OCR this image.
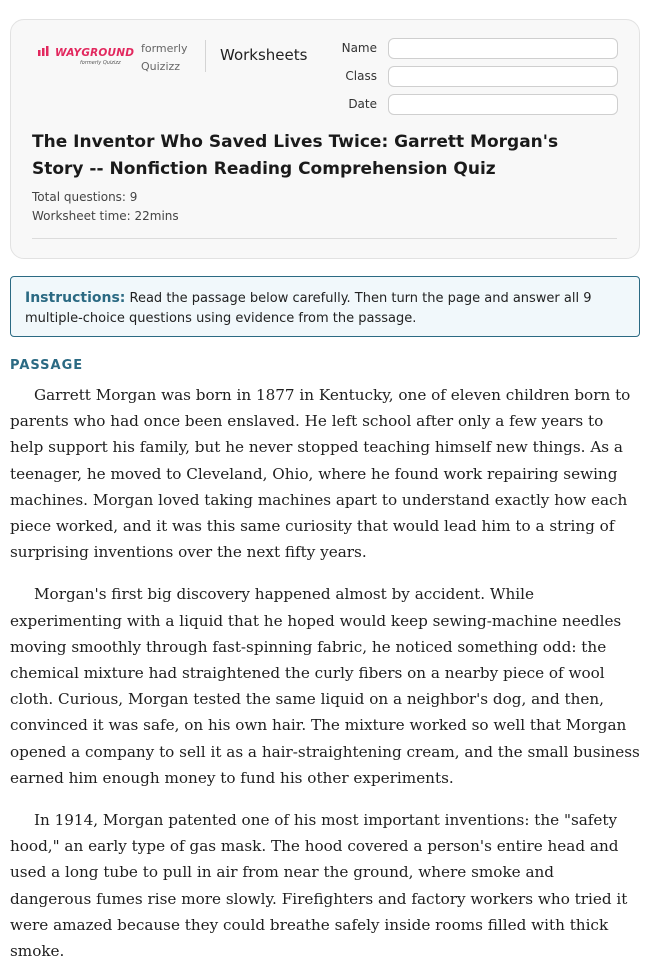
WAYGROUND
formerly Quizizz
formerly Quizizz
Worksheets	Name
Class
Date
The Inventor Who Saved Lives Twice: Garrett Morgan's Story -- Nonfiction Reading Comprehension Quiz
Total questions: 9
Worksheet time: 22mins
Instructions: Read the passage below carefully. Then turn the page and answer all 9 multiple-choice questions using evidence from the passage.
PASSAGE

Garrett Morgan was born in 1877 in Kentucky, one of eleven children born to parents who had once been enslaved. He left school after only a few years to help support his family, but he never stopped teaching himself new things. As a teenager, he moved to Cleveland, Ohio, where he found work repairing sewing machines. Morgan loved taking machines apart to understand exactly how each piece worked, and it was this same curiosity that would lead him to a string of surprising inventions over the next fifty years.

Morgan's first big discovery happened almost by accident. While experimenting with a liquid that he hoped would keep sewing-machine needles moving smoothly through fast-spinning fabric, he noticed something odd: the chemical mixture had straightened the curly fibers on a nearby piece of wool cloth. Curious, Morgan tested the same liquid on a neighbor's dog, and then, convinced it was safe, on his own hair. The mixture worked so well that Morgan opened a company to sell it as a hair-straightening cream, and the small business earned him enough money to fund his other experiments.

In 1914, Morgan patented one of his most important inventions: the "safety hood," an early type of gas mask. The hood covered a person's entire head and used a long tube to pull in air from near the ground, where smoke and dangerous fumes rise more slowly. Firefighters and factory workers who tried it were amazed because they could breathe safely inside rooms filled with thick smoke.
